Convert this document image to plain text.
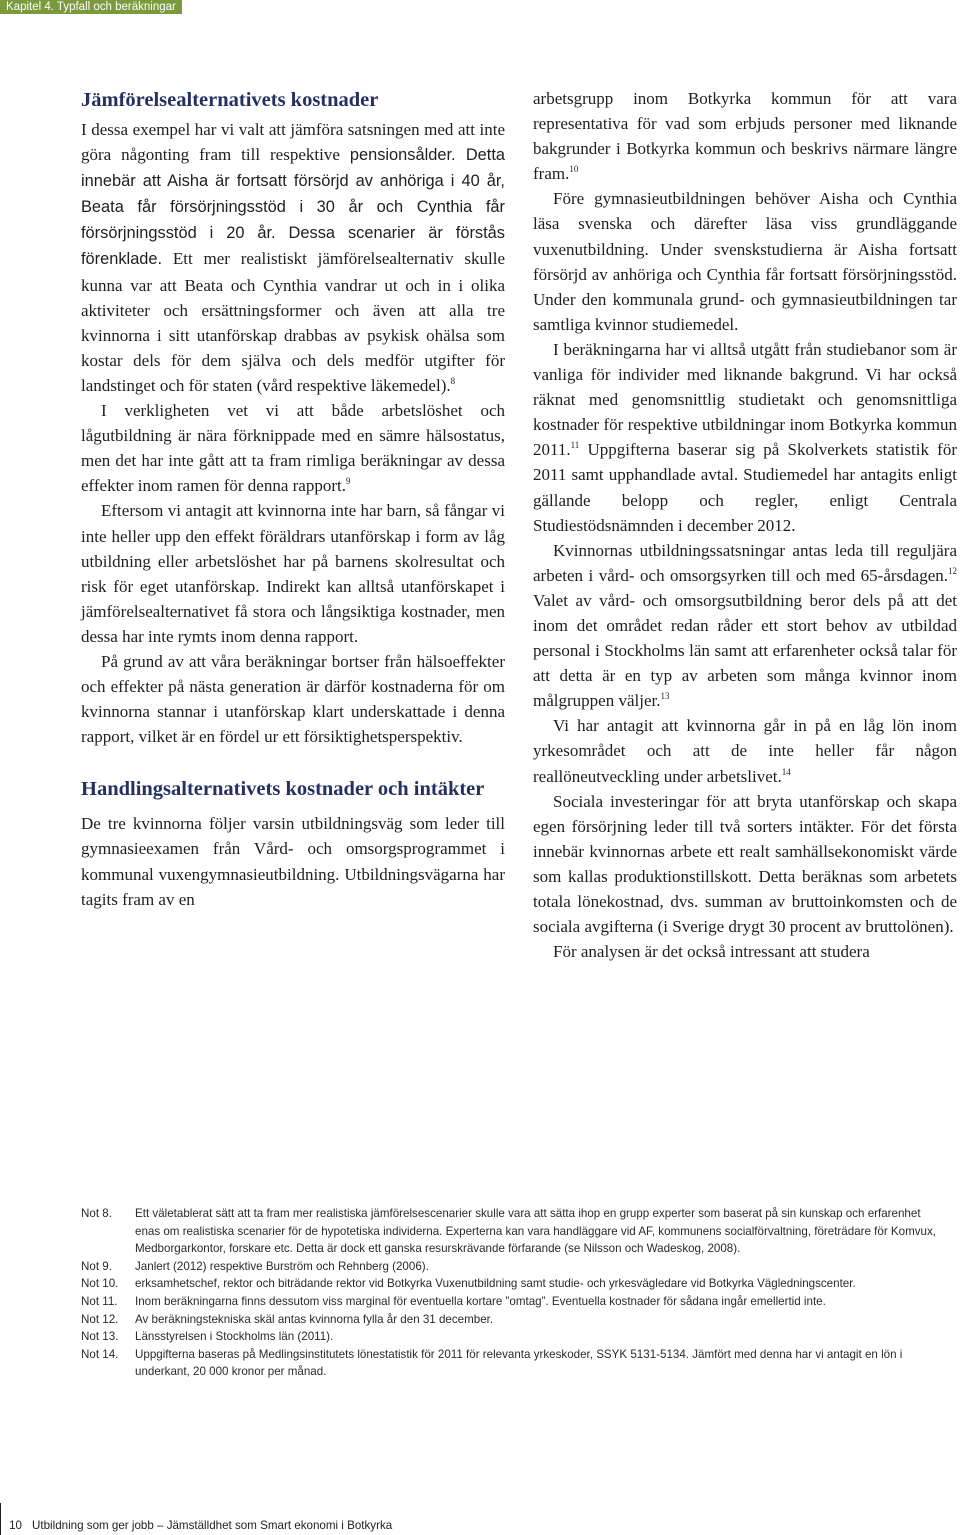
Kapitel 4. Typfall och beräkningar
Jämförelsealternativets kostnader

I dessa exempel har vi valt att jämföra satsningen med att inte göra någonting fram till respektive pensionsålder. Detta innebär att Aisha är fortsatt försörjd av anhöriga i 40 år, Beata får försörjningsstöd i 30 år och Cynthia får försörjningsstöd i 20 år. Dessa scenarier är förstås förenklade. Ett mer realistiskt jämförelsealternativ skulle kunna var att Beata och Cynthia vandrar ut och in i olika aktiviteter och ersättningsformer och även att alla tre kvinnorna i sitt utanförskap drabbas av psykisk ohälsa som kostar dels för dem själva och dels medför utgifter för landstinget och för staten (vård respektive läkemedel).$^8$

I verkligheten vet vi att både arbetslöshet och lågutbildning är nära förknippade med en sämre hälsostatus, men det har inte gått att ta fram rimliga beräkningar av dessa effekter inom ramen för denna rapport.$^9$

Eftersom vi antagit att kvinnorna inte har barn, så fångar vi inte heller upp den effekt föräldrars utanförskap i form av låg utbildning eller arbetslöshet har på barnens skolresultat och risk för eget utanförskap. Indirekt kan alltså utanförskapet i jämförelsealternativet få stora och långsiktiga kostnader, men dessa har inte rymts inom denna rapport.

På grund av att våra beräkningar bortser från hälsoeffekter och effekter på nästa generation är därför kostnaderna för om kvinnorna stannar i utanförskap klart underskattade i denna rapport, vilket är en fördel ur ett försiktighetsperspektiv.

Handlingsalternativets kostnader och intäkter

De tre kvinnorna följer varsin utbildningsväg som leder till gymnasieexamen från Vård- och omsorgsprogrammet i kommunal vuxengymnasieutbildning. Utbildningsvägarna har tagits fram av en

arbetsgrupp inom Botkyrka kommun för att vara representativa för vad som erbjuds personer med liknande bakgrunder i Botkyrka kommun och beskrivs närmare längre fram.$^{10}$

Före gymnasieutbildningen behöver Aisha och Cynthia läsa svenska och därefter läsa viss grundläggande vuxenutbildning. Under svenskstudierna är Aisha fortsatt försörjd av anhöriga och Cynthia får fortsatt försörjningsstöd. Under den kommunala grund- och gymnasieutbildningen tar samtliga kvinnor studiemedel.

I beräkningarna har vi alltså utgått från studiebanor som är vanliga för individer med liknande bakgrund. Vi har också räknat med genomsnittlig studietakt och genomsnittliga kostnader för respektive utbildningar inom Botkyrka kommun 2011.11 Uppgifterna baserar sig på Skolverkets statistik för 2011 samt upphandlade avtal. Studiemedel har antagits enligt gällande belopp och regler, enligt Centrala Studiestödsnämnden i december 2012.

Kvinnornas utbildningssatsningar antas leda till reguljära arbeten i vård- och omsorgsyrken till och med 65-årsdagen.$^{12}$ Valet av vård- och omsorgsutbildning beror dels på att det inom det området redan råder ett stort behov av utbildad personal i Stockholms län samt att erfarenheter också talar för att detta är en typ av arbeten som många kvinnor inom målgruppen väljer.$^{13}$

Vi har antagit att kvinnorna går in på en låg lön inom yrkesområdet och att de inte heller får någon reallöneutveckling under arbetslivet.$^{14}$

Sociala investeringar för att bryta utanförskap och skapa egen försörjning leder till två sorters intäkter. För det första innebär kvinnornas arbete ett realt samhällsekonomiskt värde som kallas produktionstillskott. Detta beräknas som arbetets totala lönekostnad, dvs. summan av bruttoinkomsten och de sociala avgifterna (i Sverige drygt 30 procent av bruttolönen).

För analysen är det också intressant att studera

Not 8.	Ett väletablerat sätt att ta fram mer realistiska jämförelsescenarier skulle vara att sätta ihop en grupp experter som baserat på sin kunskap och erfarenhet enas om realistiska scenarier för de hypotetiska individerna. Experterna kan vara handläggare vid AF, kommunens socialförvaltning, företrädare för Komvux, Medborgarkontor, forskare etc. Detta är dock ett ganska resurskrävande förfarande (se Nilsson och Wadeskog, 2008).
Not 9.	Janlert (2012) respektive Burström och Rehnberg (2006).
Not 10.	erksamhetschef, rektor och biträdande rektor vid Botkyrka Vuxenutbildning samt studie- och yrkesvägledare vid Botkyrka Vägledningscenter.
Not 11.	Inom beräkningarna finns dessutom viss marginal för eventuella kortare ”omtag”. Eventuella kostnader för sådana ingår emellertid inte.
Not 12.	Av beräkningstekniska skäl antas kvinnorna fylla år den 31 december.
Not 13.	Länsstyrelsen i Stockholms län (2011).
Not 14.	Uppgifterna baseras på Medlingsinstitutets lönestatistik för 2011 för relevanta yrkeskoder, SSYK 5131-5134. Jämfört med denna har vi antagit en lön i underkant, 20 000 kronor per månad.
10 Utbildning som ger jobb – Jämställdhet som Smart ekonomi i Botkyrka
